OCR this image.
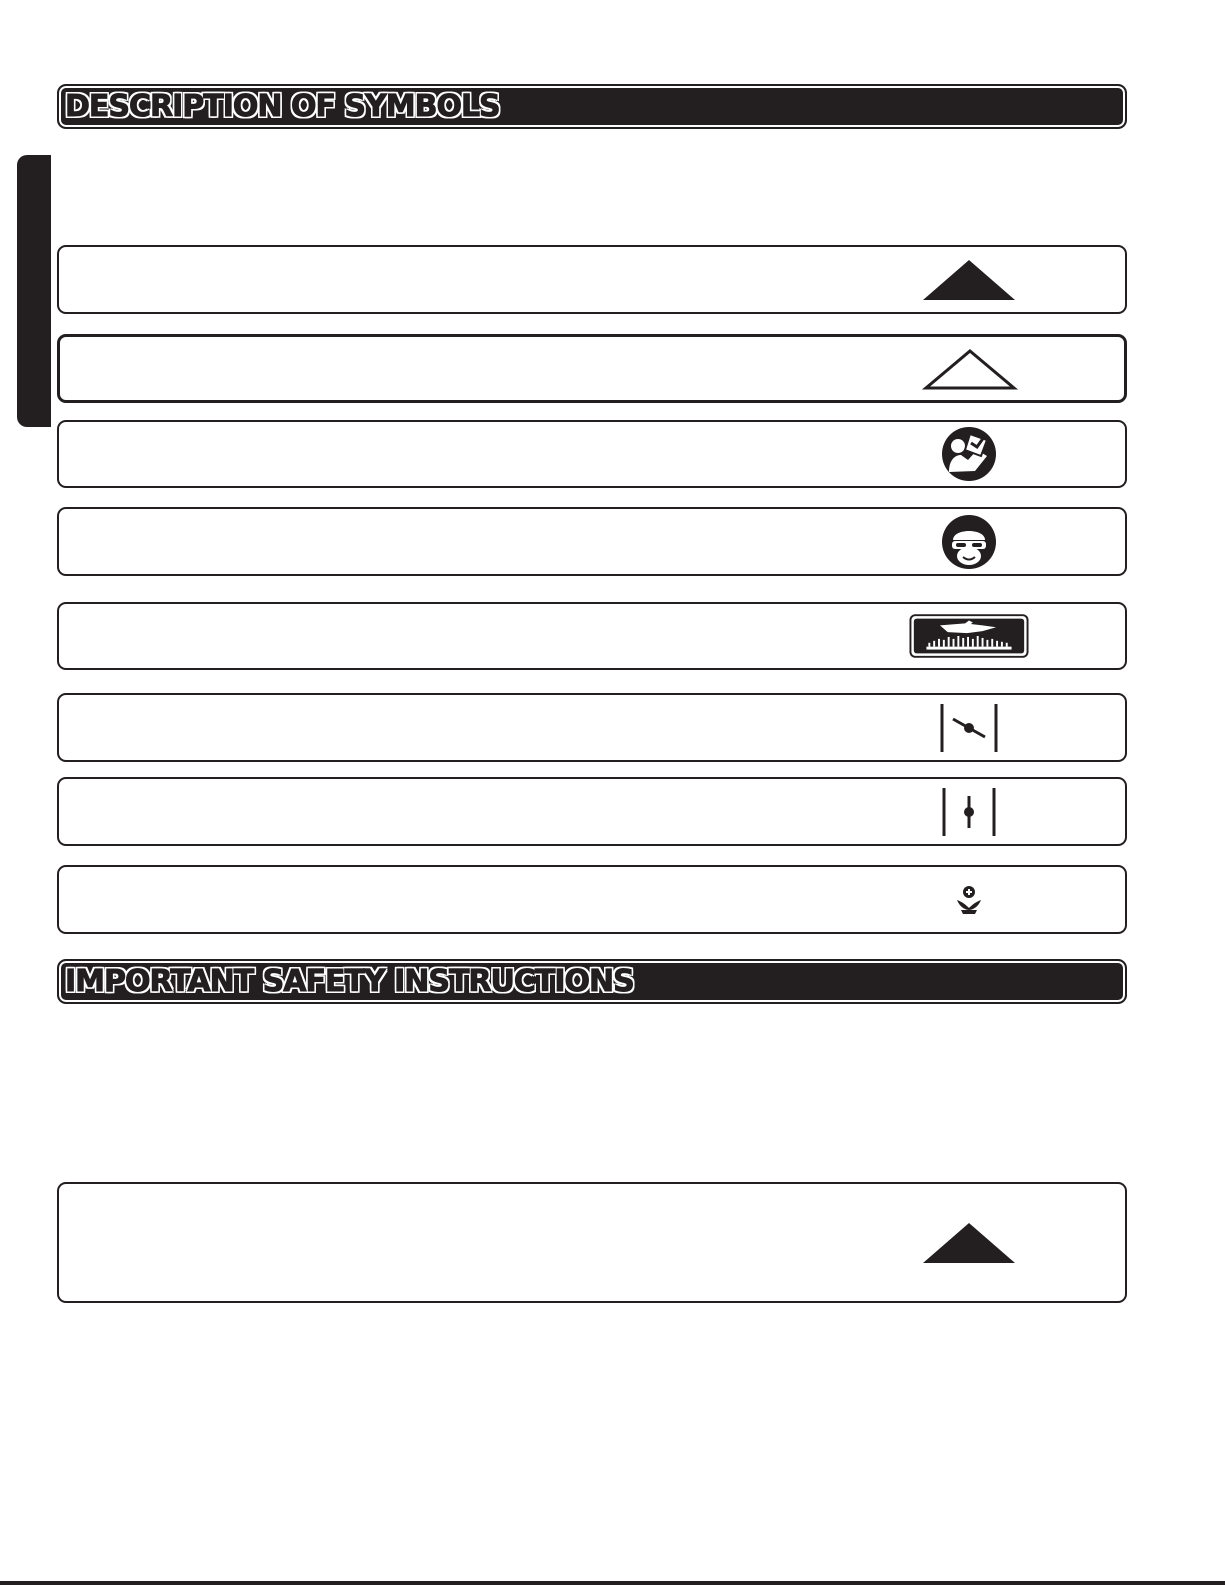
DESCRIPTION OF SYMBOLS
IMPORTANT SAFETY INSTRUCTIONS
